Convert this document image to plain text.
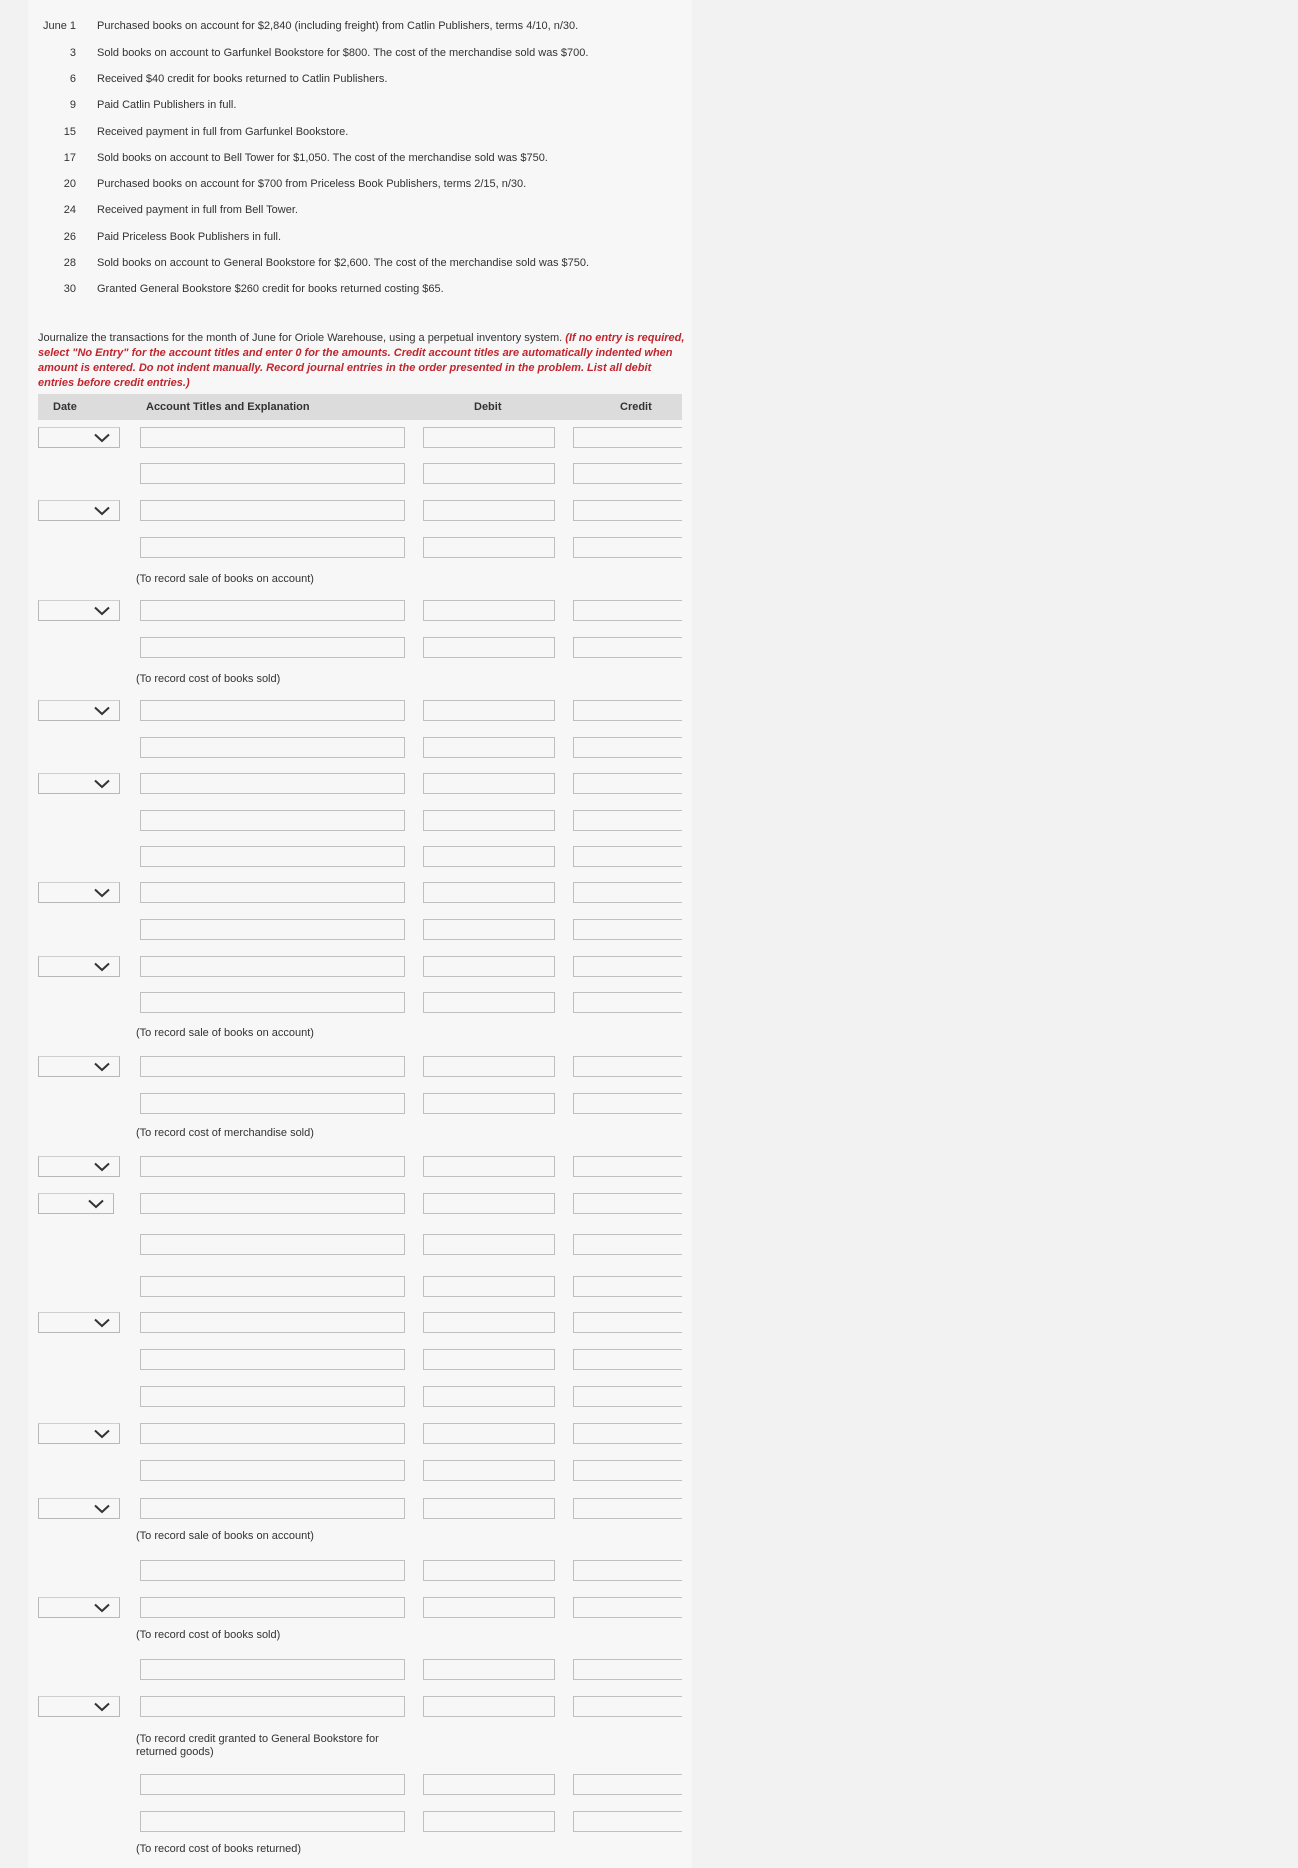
June 1 Purchased books on account for $2,840 (including freight) from Catlin Publishers, terms 4/10, n/30.
3 Sold books on account to Garfunkel Bookstore for $800. The cost of the merchandise sold was $700.
6 Received $40 credit for books returned to Catlin Publishers.
9 Paid Catlin Publishers in full.
15 Received payment in full from Garfunkel Bookstore.
17 Sold books on account to Bell Tower for $1,050. The cost of the merchandise sold was $750.
20 Purchased books on account for $700 from Priceless Book Publishers, terms 2/15, n/30.
24 Received payment in full from Bell Tower.
26 Paid Priceless Book Publishers in full.
28 Sold books on account to General Bookstore for $2,600. The cost of the merchandise sold was $750.
30 Granted General Bookstore $260 credit for books returned costing $65.
Journalize the transactions for the month of June for Oriole Warehouse, using a perpetual inventory system. (If no entry is required, select "No Entry" for the account titles and enter 0 for the amounts. Credit account titles are automatically indented when amount is entered. Do not indent manually. Record journal entries in the order presented in the problem. List all debit entries before credit entries.)
Date	Account Titles and Explanation	Debit	Credit
(To record sale of books on account)
(To record cost of books sold)
(To record sale of books on account)
(To record cost of merchandise sold)
(To record sale of books on account)
(To record cost of books sold)
(To record credit granted to General Bookstore for returned goods)
(To record cost of books returned)
